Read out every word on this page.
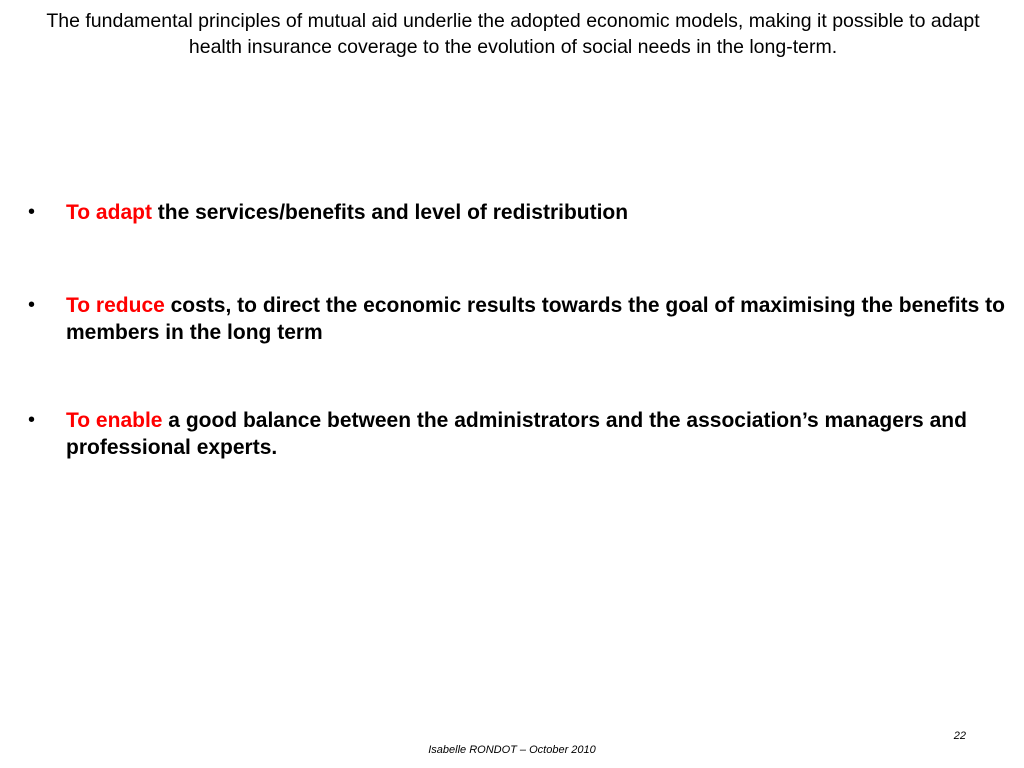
The fundamental principles of mutual aid underlie the adopted economic models, making it possible to adapt health insurance coverage to the evolution of social needs in the long-term.

• To adapt the services/benefits and level of redistribution
• To reduce costs, to direct the economic results towards the goal of maximising the benefits to members in the long term
• To enable a good balance between the administrators and the association’s managers and professional experts.
22
Isabelle RONDOT – October 2010
